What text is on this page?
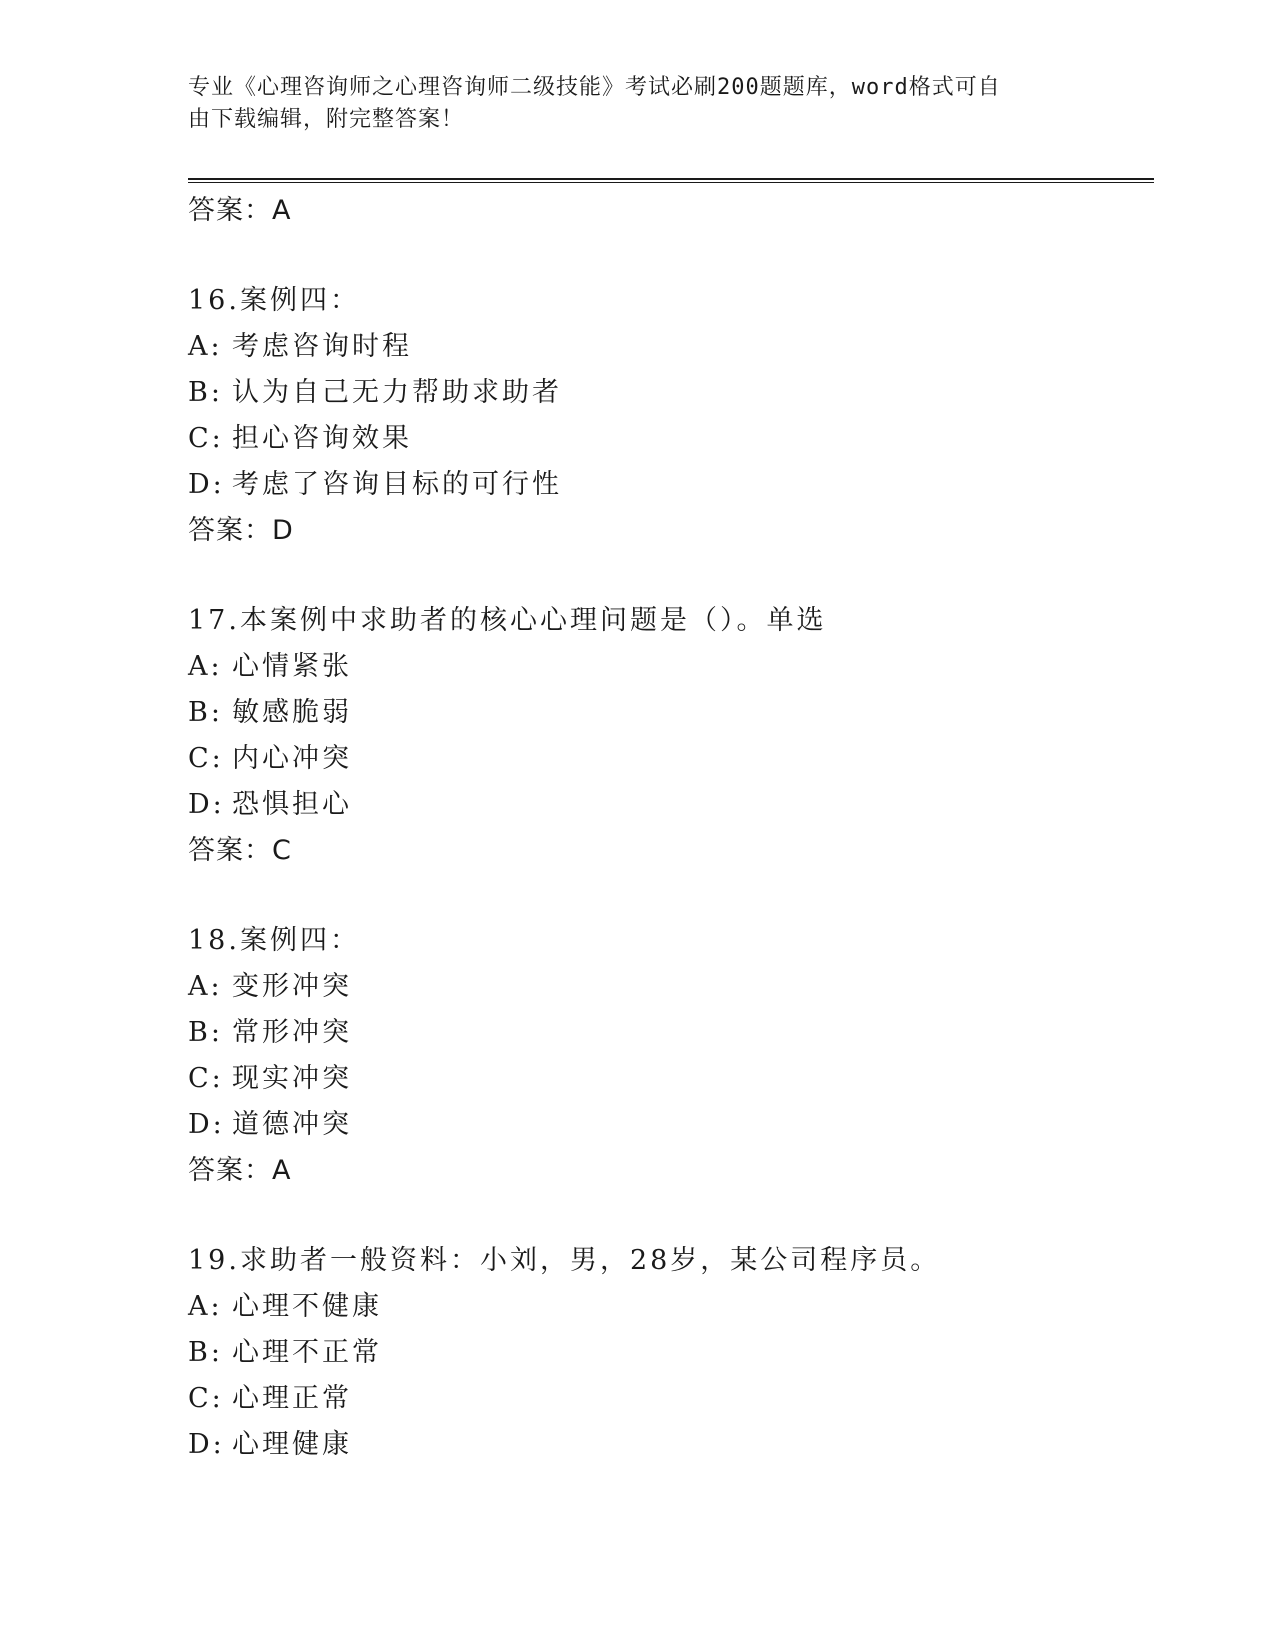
专业《心理咨询师之心理咨询师二级技能》考试必刷200题题库，word格式可自
由下载编辑，附完整答案！
答案：A
16.案例四：
A: 考虑咨询时程
B: 认为自己无力帮助求助者
C: 担心咨询效果
D: 考虑了咨询目标的可行性
答案：D
17.本案例中求助者的核心心理问题是（）。单选
A: 心情紧张
B: 敏感脆弱
C: 内心冲突
D: 恐惧担心
答案：C
18.案例四：
A: 变形冲突
B: 常形冲突
C: 现实冲突
D: 道德冲突
答案：A
19.求助者一般资料：小刘，男，28岁，某公司程序员。
A: 心理不健康
B: 心理不正常
C: 心理正常
D: 心理健康
